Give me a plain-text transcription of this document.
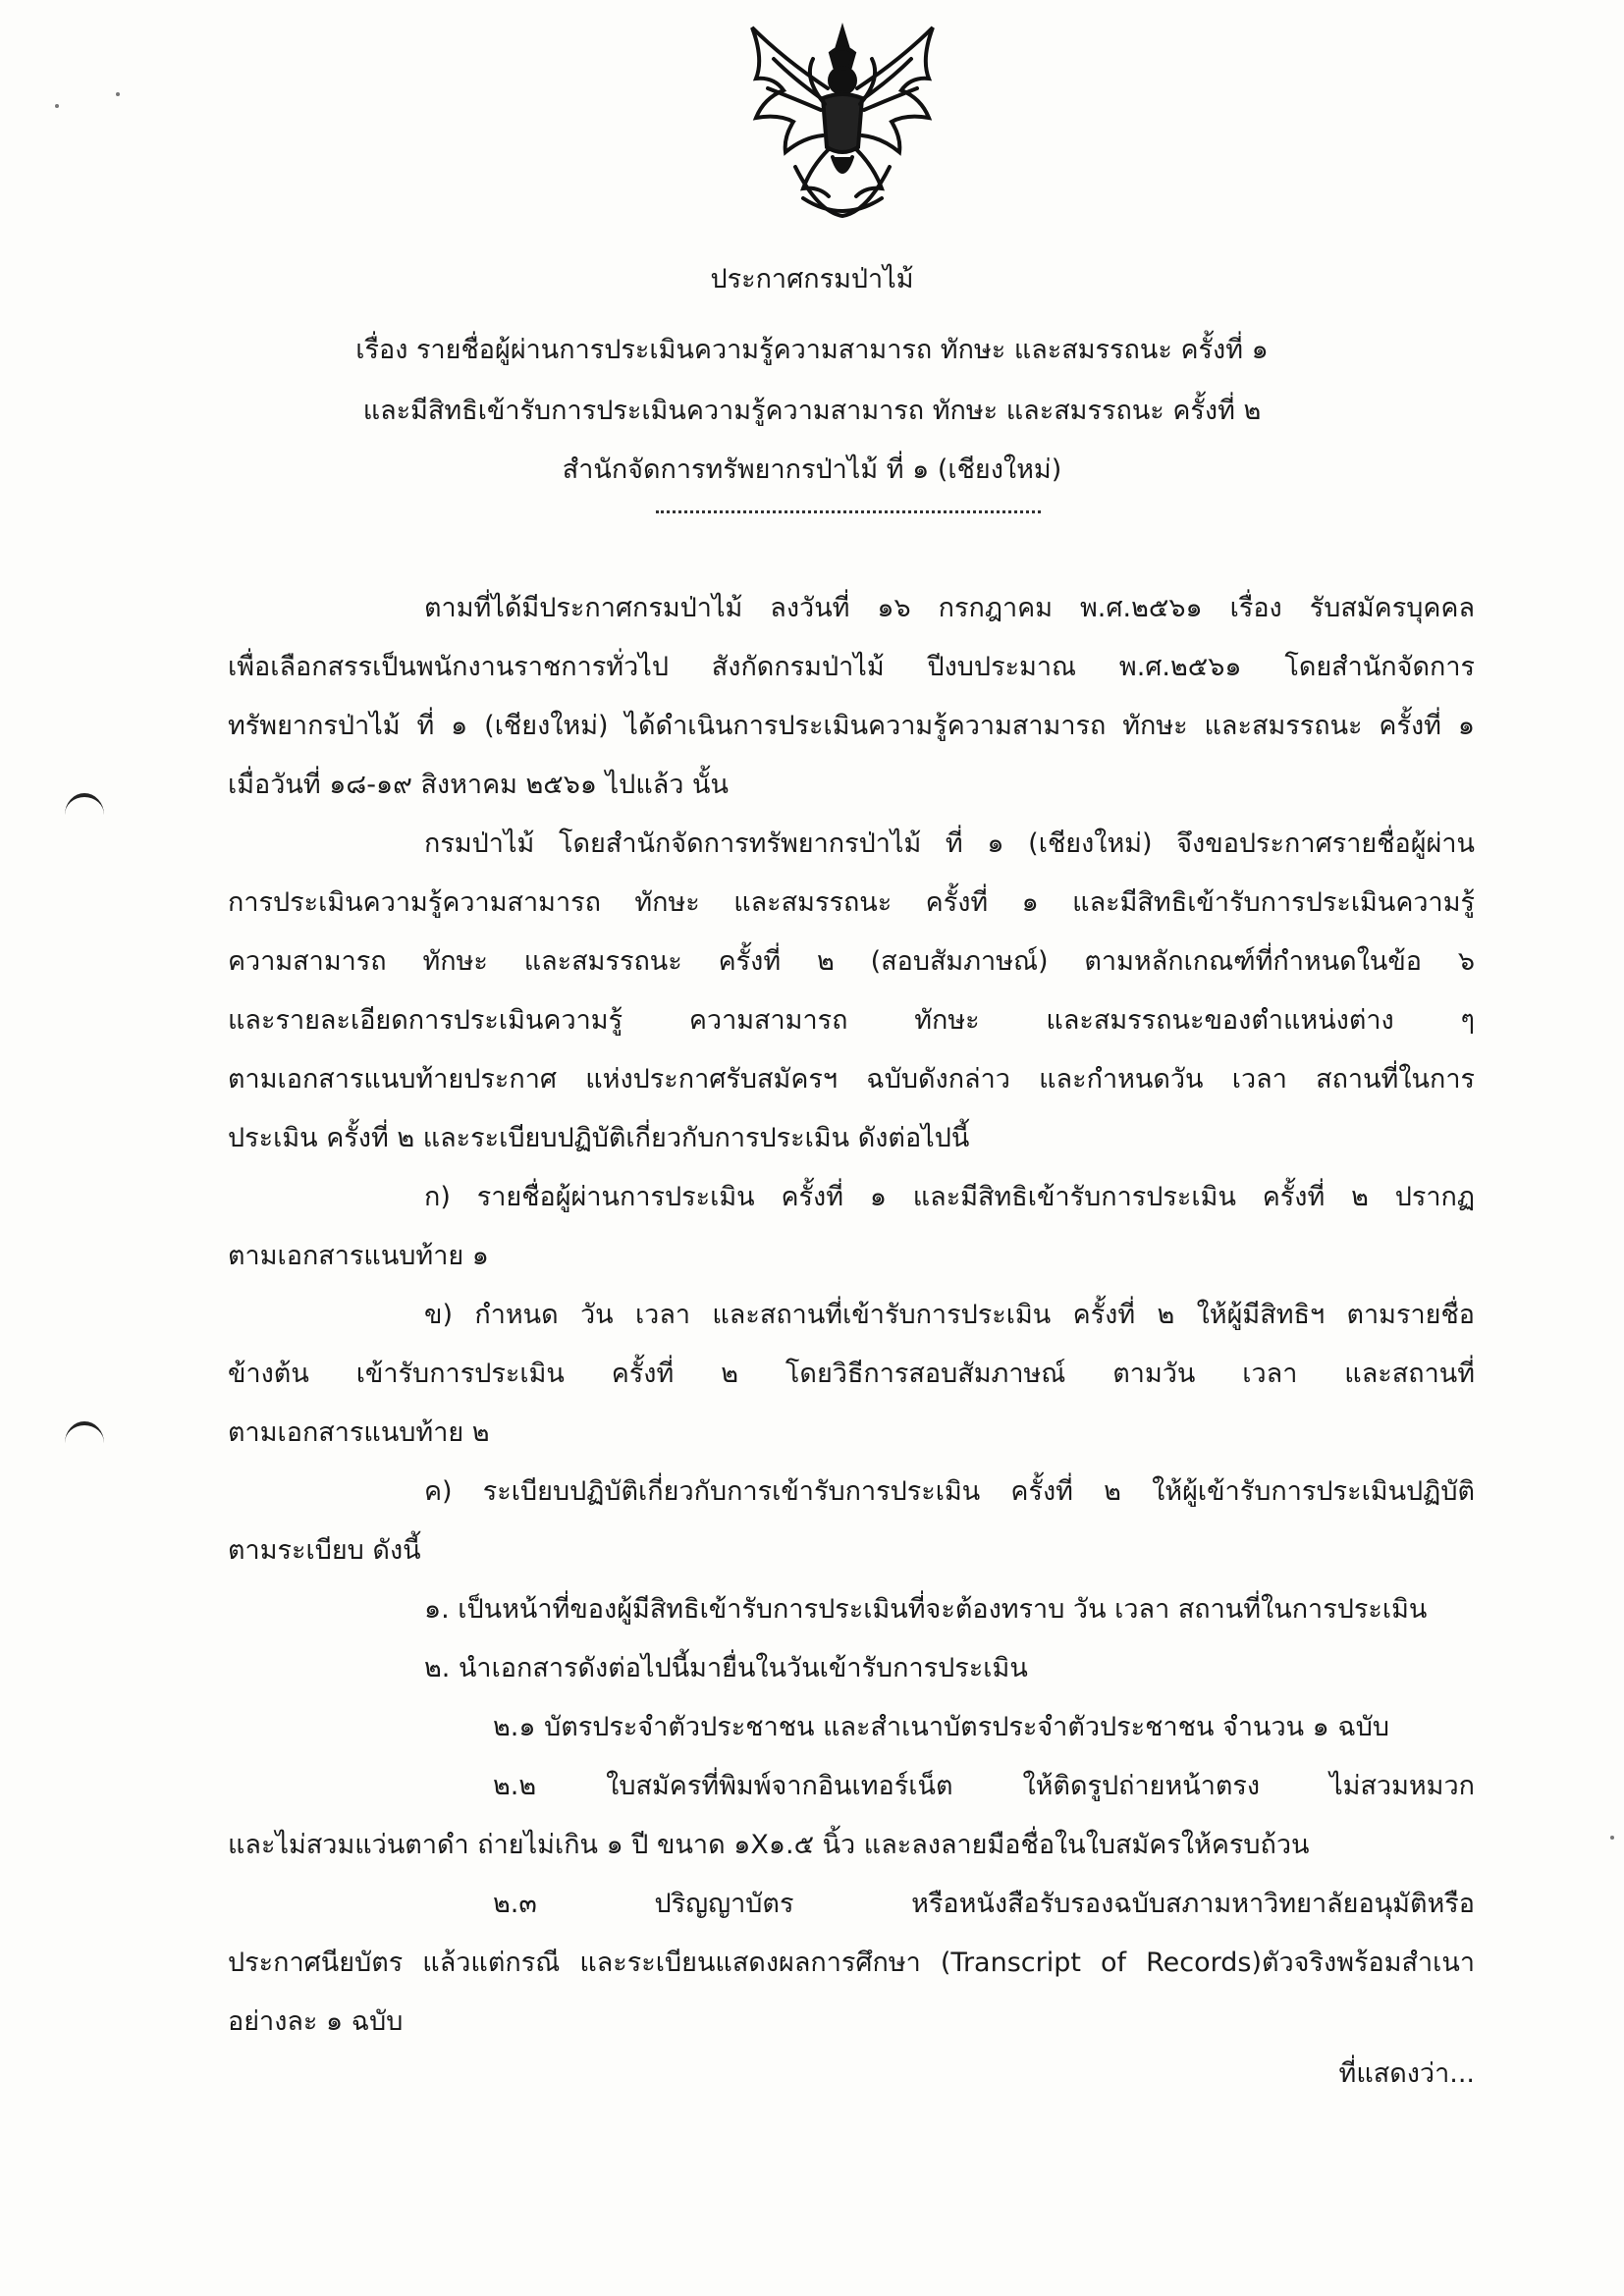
ประกาศกรมป่าไม้
เรื่อง รายชื่อผู้ผ่านการประเมินความรู้ความสามารถ ทักษะ และสมรรถนะ ครั้งที่ ๑
และมีสิทธิเข้ารับการประเมินความรู้ความสามารถ ทักษะ และสมรรถนะ ครั้งที่ ๒
สำนักจัดการทรัพยากรป่าไม้ ที่ ๑ (เชียงใหม่)
ตามที่ได้มีประกาศกรมป่าไม้ ลงวันที่ ๑๖ กรกฎาคม พ.ศ.๒๕๖๑ เรื่อง รับสมัครบุคคล
เพื่อเลือกสรรเป็นพนักงานราชการทั่วไป สังกัดกรมป่าไม้ ปีงบประมาณ พ.ศ.๒๕๖๑ โดยสำนักจัดการ
ทรัพยากรป่าไม้ ที่ ๑ (เชียงใหม่) ได้ดำเนินการประเมินความรู้ความสามารถ ทักษะ และสมรรถนะ ครั้งที่ ๑
เมื่อวันที่ ๑๘-๑๙ สิงหาคม ๒๕๖๑ ไปแล้ว นั้น
กรมป่าไม้ โดยสำนักจัดการทรัพยากรป่าไม้ ที่ ๑ (เชียงใหม่) จึงขอประกาศรายชื่อผู้ผ่าน
การประเมินความรู้ความสามารถ ทักษะ และสมรรถนะ ครั้งที่ ๑ และมีสิทธิเข้ารับการประเมินความรู้
ความสามารถ ทักษะ และสมรรถนะ ครั้งที่ ๒ (สอบสัมภาษณ์) ตามหลักเกณฑ์ที่กำหนดในข้อ ๖
และรายละเอียดการประเมินความรู้ ความสามารถ ทักษะ และสมรรถนะของตำแหน่งต่าง ๆ
ตามเอกสารแนบท้ายประกาศ แห่งประกาศรับสมัครฯ ฉบับดังกล่าว และกำหนดวัน เวลา สถานที่ในการ
ประเมิน ครั้งที่ ๒ และระเบียบปฏิบัติเกี่ยวกับการประเมิน ดังต่อไปนี้
ก) รายชื่อผู้ผ่านการประเมิน ครั้งที่ ๑ และมีสิทธิเข้ารับการประเมิน ครั้งที่ ๒ ปรากฏ
ตามเอกสารแนบท้าย ๑
ข) กำหนด วัน เวลา และสถานที่เข้ารับการประเมิน ครั้งที่ ๒ ให้ผู้มีสิทธิฯ ตามรายชื่อ
ข้างต้น เข้ารับการประเมิน ครั้งที่ ๒ โดยวิธีการสอบสัมภาษณ์ ตามวัน เวลา และสถานที่
ตามเอกสารแนบท้าย ๒
ค) ระเบียบปฏิบัติเกี่ยวกับการเข้ารับการประเมิน ครั้งที่ ๒ ให้ผู้เข้ารับการประเมินปฏิบัติ
ตามระเบียบ ดังนี้
๑. เป็นหน้าที่ของผู้มีสิทธิเข้ารับการประเมินที่จะต้องทราบ วัน เวลา สถานที่ในการประเมิน
๒. นำเอกสารดังต่อไปนี้มายื่นในวันเข้ารับการประเมิน
๒.๑ บัตรประจำตัวประชาชน และสำเนาบัตรประจำตัวประชาชน จำนวน ๑ ฉบับ
๒.๒ ใบสมัครที่พิมพ์จากอินเทอร์เน็ต ให้ติดรูปถ่ายหน้าตรง ไม่สวมหมวก
และไม่สวมแว่นตาดำ ถ่ายไม่เกิน ๑ ปี ขนาด ๑X๑.๕ นิ้ว และลงลายมือชื่อในใบสมัครให้ครบถ้วน
๒.๓ ปริญญาบัตร หรือหนังสือรับรองฉบับสภามหาวิทยาลัยอนุมัติหรือ
ประกาศนียบัตร แล้วแต่กรณี และระเบียนแสดงผลการศึกษา (Transcript of Records)ตัวจริงพร้อมสำเนา
อย่างละ ๑ ฉบับ
ที่แสดงว่า...
